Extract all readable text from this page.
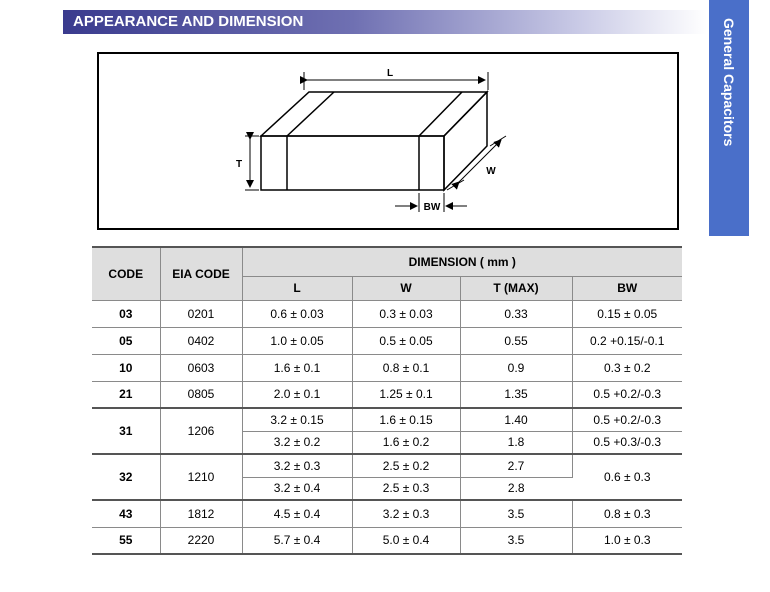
APPEARANCE AND DIMENSION	General Capacitors
L
T
W
BW
CODE	EIA CODE	DIMENSION ( mm )			
		L	W	T (MAX)	BW
03	0201	0.6 ± 0.03	0.3 ± 0.03	0.33	0.15 ± 0.05
05	0402	1.0 ± 0.05	0.5 ± 0.05	0.55	0.2 +0.15/-0.1
10	0603	1.6 ± 0.1	0.8 ± 0.1	0.9	0.3 ± 0.2
21	0805	2.0 ± 0.1	1.25 ± 0.1	1.35	0.5 +0.2/-0.3
31	1206	3.2 ± 0.15	1.6 ± 0.15	1.40	0.5 +0.2/-0.3
		3.2 ± 0.2	1.6 ± 0.2	1.8	0.5 +0.3/-0.3
32	1210	3.2 ± 0.3	2.5 ± 0.2	2.7	0.6 ± 0.3
		3.2 ± 0.4	2.5 ± 0.3	2.8	
43	1812	4.5 ± 0.4	3.2 ± 0.3	3.5	0.8 ± 0.3
55	2220	5.7 ± 0.4	5.0 ± 0.4	3.5	1.0 ± 0.3
